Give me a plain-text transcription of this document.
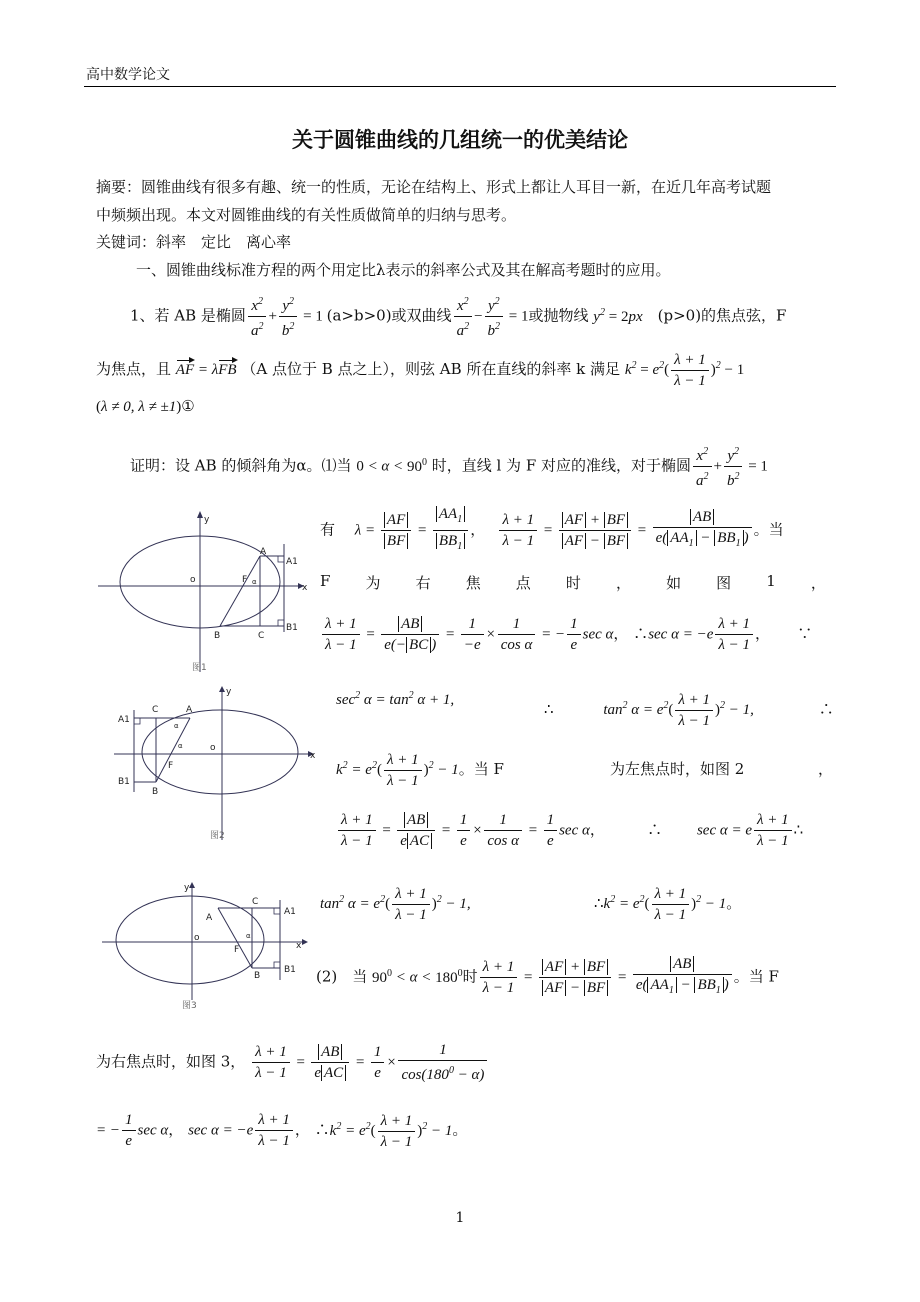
高中数学论文
关于圆锥曲线的几组统一的优美结论
摘要：圆锥曲线有很多有趣、统一的性质，无论在结构上、形式上都让人耳目一新，在近几年高考试题
中频频出现。本文对圆锥曲线的有关性质做简单的归纳与思考。
关键词：斜率　定比　离心率
一、圆锥曲线标准方程的两个用定比λ表示的斜率公式及其在解高考题时的应用。
1、若 AB 是椭圆 $\frac{x^2}{a^2} + \frac{y^2}{b^2} = 1$ (a>b>0)或双曲线 $\frac{x^2}{a^2} - \frac{y^2}{b^2} = 1$或抛物线 $y^2 = 2px$　 (p>0)的焦点弦，F
为焦点，且 AF = λFB （A 点位于 B 点之上），则弦 AB 所在直线的斜率 k 满足 $k^2 = e^2( \frac{\lambda + 1}{\lambda - 1} )^2 - 1$
(λ ≠ 0, λ ≠ ±1)①
证明：设 AB 的倾斜角为α。⑴当 $0 < \alpha < 90^0$ 时，直线 l 为 F 对应的准线，对于椭圆 $\frac{x^2}{a^2} + \frac{y^2}{b^2} = 1$
y
A
A1
o	F α
x
B	C
B1
图1
有　 $\lambda = \frac{AF}{BF} = \frac{AA_1}{BB_1}$ ，　 $\frac{\lambda + 1}{\lambda - 1} = \frac{AF + BF}{AF - BF} = \frac{AB}{e( AA_1 - BB_1 )}$ 。当
F 为 右 焦 点 时 ， 如 图 1 ，
$\frac{\lambda + 1}{\lambda - 1} = \frac{AB}{e(- BC )} = \frac{1}{-e} \times \frac{1}{\text{cos α}}$ = − $\frac{1}{e}$ sec α， ∴sec $\alpha = -e \frac{\lambda + 1}{\lambda - 1}$ ，　　 ∵
y
A1
C	A
α
α	o
x
F
B1
B
图2
$\sec^2 \alpha = \tan^2 \alpha + 1$,	∴　　　	$\tan^2 \alpha = e^2( \frac{\lambda + 1}{\lambda - 1} )^2 - 1$,　　　　	∴
$k^2 = e^2( \frac{\lambda + 1}{\lambda - 1} )^2 - 1$。当 F	为左焦点时，如图 2	，
$\frac{\lambda + 1}{\lambda - 1} = \frac{AB}{\text{e AC}} = \frac{1}{e} \times \frac{1}{\text{cos α}} = \frac{1}{e}$ sec α，　　　 ∴　　 sec α = e $\frac{\lambda + 1}{\lambda - 1}$ ∴
y
C
A1
A
o	α
x
F
B
B1
图3
$\tan^2 \alpha = e^2( \frac{\lambda + 1}{\lambda - 1} )^2 - 1$,	$\therefore k^2 = e^2( \frac{\lambda + 1}{\lambda - 1} )^2 - 1$。
(2)　当 $90^0 < \alpha < 180^0$时 $\frac{\lambda + 1}{\lambda - 1} = \frac{AF + BF}{AF - BF} = \frac{AB}{e( AA_1 - BB_1 )}$ 。当 F
为右焦点时，如图 3， $\frac{\lambda + 1}{\lambda - 1} = \frac{AB}{\text{e AC}} = \frac{1}{e} \times \frac{1}{\cos(180^0 - \alpha)}$
= − $\frac{1}{e}$ sec α， $\sec \alpha = -e \frac{\lambda + 1}{\lambda - 1}$ ， $\therefore k^2 = e^2( \frac{\lambda + 1}{\lambda - 1} )^2 - 1$。
1
